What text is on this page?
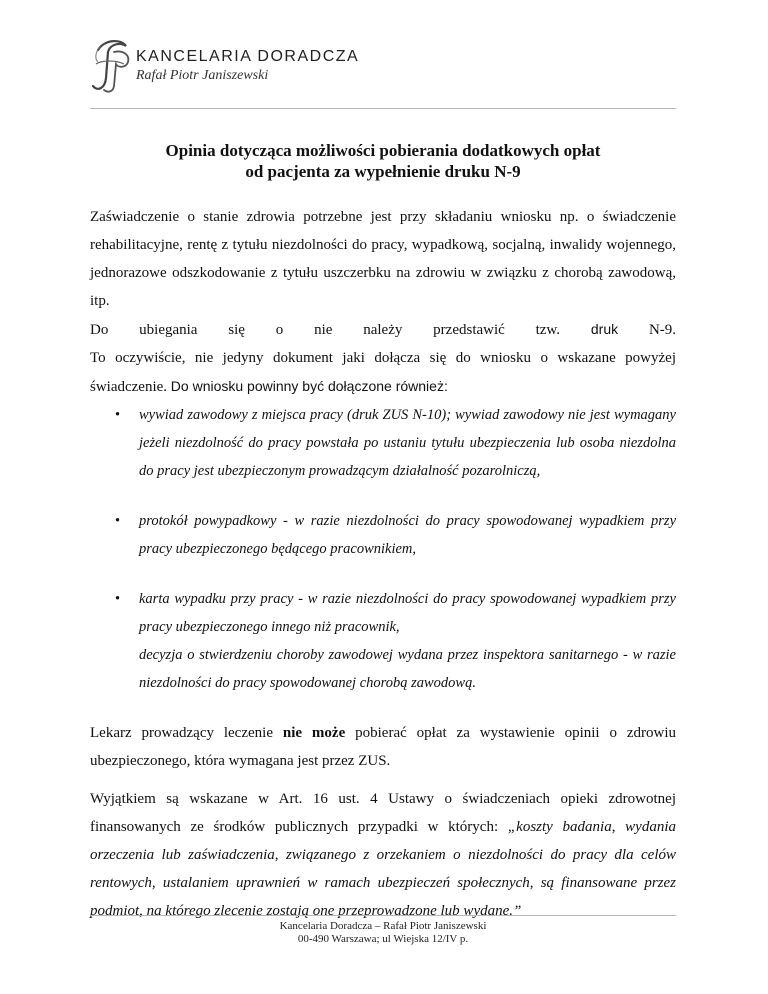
KANCELARIA DORADCZA
Rafał Piotr Janiszewski
Opinia dotycząca możliwości pobierania dodatkowych opłat
od pacjenta za wypełnienie druku N-9

Zaświadczenie o stanie zdrowia potrzebne jest przy składaniu wniosku np. o świadczenie rehabilitacyjne, rentę z tytułu niezdolności do pracy, wypadkową, socjalną, inwalidy wojennego, jednorazowe odszkodowanie z tytułu uszczerbku na zdrowiu w związku z chorobą zawodową, itp.

Do ubiegania się o nie należy przedstawić tzw. druk N-9.

To oczywiście, nie jedyny dokument jaki dołącza się do wniosku o wskazane powyżej świadczenie. Do wniosku powinny być dołączone również:

• wywiad zawodowy z miejsca pracy (druk ZUS N-10); wywiad zawodowy nie jest wymagany jeżeli niezdolność do pracy powstała po ustaniu tytułu ubezpieczenia lub osoba niezdolna do pracy jest ubezpieczonym prowadzącym działalność pozarolniczą,
• protokół powypadkowy - w razie niezdolności do pracy spowodowanej wypadkiem przy pracy ubezpieczonego będącego pracownikiem,
• karta wypadku przy pracy - w razie niezdolności do pracy spowodowanej wypadkiem przy pracy ubezpieczonego innego niż pracownik,
decyzja o stwierdzeniu choroby zawodowej wydana przez inspektora sanitarnego - w razie niezdolności do pracy spowodowanej chorobą zawodową.

Lekarz prowadzący leczenie nie może pobierać opłat za wystawienie opinii o zdrowiu ubezpieczonego, która wymagana jest przez ZUS.

Wyjątkiem są wskazane w Art. 16 ust. 4 Ustawy o świadczeniach opieki zdrowotnej finansowanych ze środków publicznych przypadki w których: „koszty badania, wydania orzeczenia lub zaświadczenia, związanego z orzekaniem o niezdolności do pracy dla celów rentowych, ustalaniem uprawnień w ramach ubezpieczeń społecznych, są finansowane przez podmiot, na którego zlecenie zostają one przeprowadzone lub wydane.”

Kancelaria Doradcza – Rafał Piotr Janiszewski
00-490 Warszawa; ul Wiejska 12/IV p.
